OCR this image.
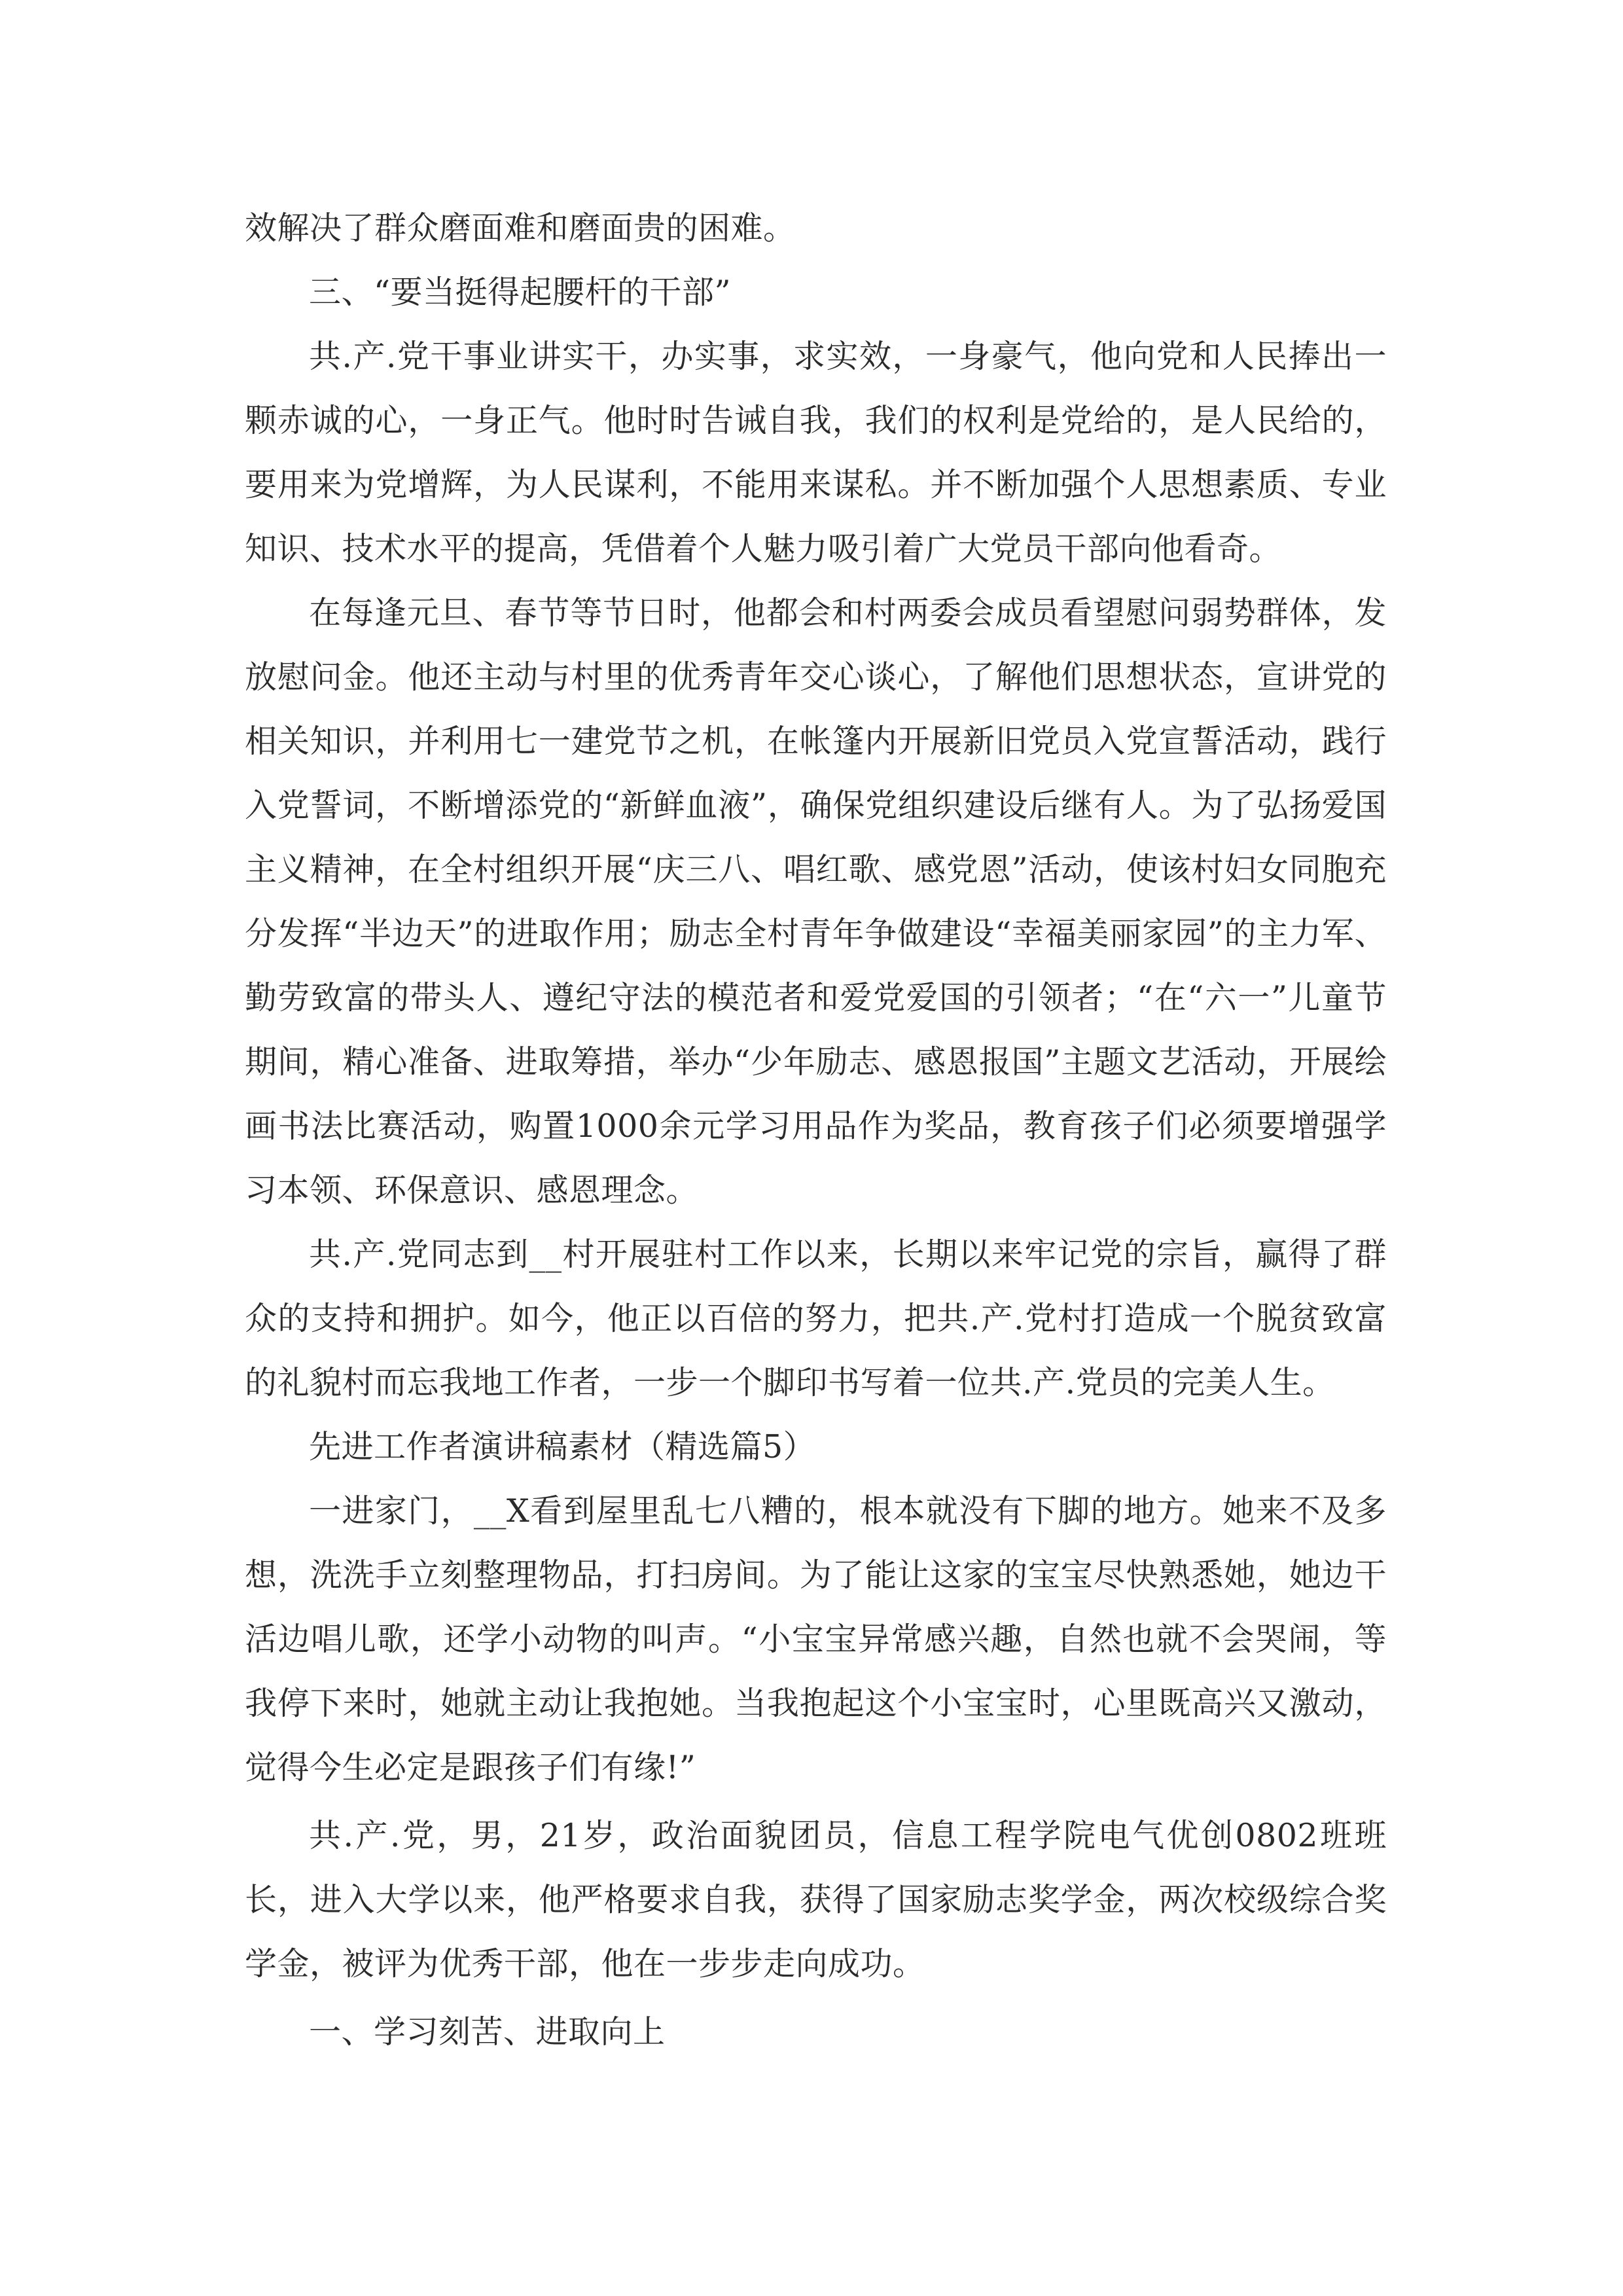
效解决了群众磨面难和磨面贵的困难。

三、“要当挺得起腰杆的干部”

共.产.党干事业讲实干，办实事，求实效，一身豪气，他向党和人民捧出一颗赤诚的心，一身正气。他时时告诫自我，我们的权利是党给的，是人民给的，要用来为党增辉，为人民谋利，不能用来谋私。并不断加强个人思想素质、专业知识、技术水平的提高，凭借着个人魅力吸引着广大党员干部向他看奇。

在每逢元旦、春节等节日时，他都会和村两委会成员看望慰问弱势群体，发放慰问金。他还主动与村里的优秀青年交心谈心，了解他们思想状态，宣讲党的相关知识，并利用七一建党节之机，在帐篷内开展新旧党员入党宣誓活动，践行入党誓词，不断增添党的“新鲜血液”，确保党组织建设后继有人。为了弘扬爱国主义精神，在全村组织开展“庆三八、唱红歌、感党恩”活动，使该村妇女同胞充分发挥“半边天”的进取作用；励志全村青年争做建设“幸福美丽家园”的主力军、勤劳致富的带头人、遵纪守法的模范者和爱党爱国的引领者；“在“六一”儿童节期间，精心准备、进取筹措，举办“少年励志、感恩报国”主题文艺活动，开展绘画书法比赛活动，购置1000余元学习用品作为奖品，教育孩子们必须要增强学习本领、环保意识、感恩理念。

共.产.党同志到__村开展驻村工作以来，长期以来牢记党的宗旨，赢得了群众的支持和拥护。如今，他正以百倍的努力，把共.产.党村打造成一个脱贫致富的礼貌村而忘我地工作者，一步一个脚印书写着一位共.产.党员的完美人生。

先进工作者演讲稿素材（精选篇5）

一进家门，__X看到屋里乱七八糟的，根本就没有下脚的地方。她来不及多想，洗洗手立刻整理物品，打扫房间。为了能让这家的宝宝尽快熟悉她，她边干活边唱儿歌，还学小动物的叫声。“小宝宝异常感兴趣，自然也就不会哭闹，等我停下来时，她就主动让我抱她。当我抱起这个小宝宝时，心里既高兴又激动，觉得今生必定是跟孩子们有缘!”

共.产.党，男，21岁，政治面貌团员，信息工程学院电气优创0802班班长，进入大学以来，他严格要求自我，获得了国家励志奖学金，两次校级综合奖学金，被评为优秀干部，他在一步步走向成功。

一、学习刻苦、进取向上
